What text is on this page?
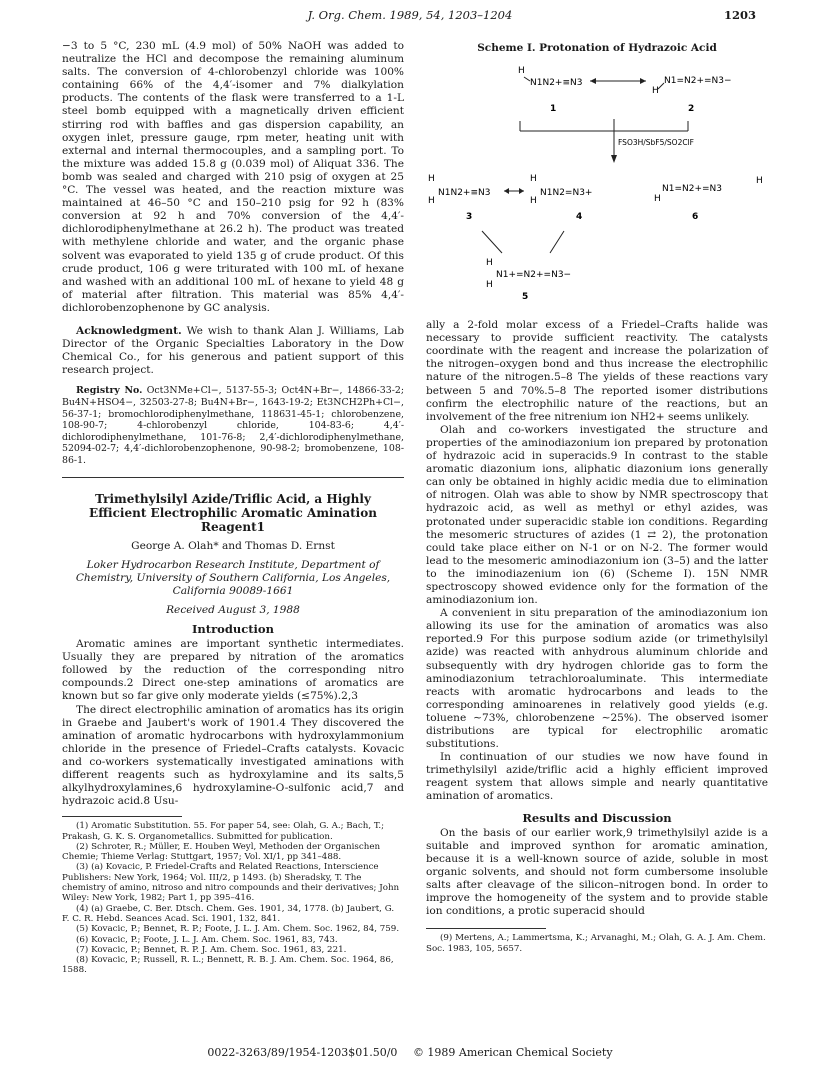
J. Org. Chem. 1989, 54, 1203–1204	1203

−3 to 5 °C, 230 mL (4.9 mol) of 50% NaOH was added to neutralize the HCl and decompose the remaining aluminum salts. The conversion of 4-chlorobenzyl chloride was 100% containing 66% of the 4,4′-isomer and 7% dialkylation products. The contents of the flask were transferred to a 1-L steel bomb equipped with a magnetically driven efficient stirring rod with baffles and gas dispersion capability, an oxygen inlet, pressure gauge, rpm meter, heating unit with external and internal thermocouples, and a sampling port. To the mixture was added 15.8 g (0.039 mol) of Aliquat 336. The bomb was sealed and charged with 210 psig of oxygen at 25 °C. The vessel was heated, and the reaction mixture was maintained at 46–50 °C and 150–210 psig for 92 h (83% conversion at 92 h and 70% conversion of the 4,4′-dichlorodiphenylmethane at 26.2 h). The product was treated with methylene chloride and water, and the organic phase solvent was evaporated to yield 135 g of crude product. Of this crude product, 106 g were triturated with 100 mL of hexane and washed with an additional 100 mL of hexane to yield 48 g of material after filtration. This material was 85% 4,4′-dichlorobenzophenone by GC analysis.

Acknowledgment. We wish to thank Alan J. Williams, Lab Director of the Organic Specialties Laboratory in the Dow Chemical Co., for his generous and patient support of this research project.

Registry No. Oct3NMe+Cl−, 5137-55-3; Oct4N+Br−, 14866-33-2; Bu4N+HSO4−, 32503-27-8; Bu4N+Br−, 1643-19-2; Et3NCH2Ph+Cl−, 56-37-1; bromochlorodiphenylmethane, 118631-45-1; chlorobenzene, 108-90-7; 4-chlorobenzyl chloride, 104-83-6; 4,4′-dichlorodiphenylmethane, 101-76-8; 2,4′-dichlorodiphenylmethane, 52094-02-7; 4,4′-dichlorobenzophenone, 90-98-2; bromobenzene, 108-86-1.

Trimethylsilyl Azide/Triflic Acid, a Highly Efficient Electrophilic Aromatic Amination Reagent1
George A. Olah* and Thomas D. Ernst
Loker Hydrocarbon Research Institute, Department of Chemistry, University of Southern California, Los Angeles, California 90089-1661
Received August 3, 1988
Introduction

Aromatic amines are important synthetic intermediates. Usually they are prepared by nitration of the aromatics followed by the reduction of the corresponding nitro compounds.2 Direct one-step aminations of aromatics are known but so far give only moderate yields (≤75%).2,3

The direct electrophilic amination of aromatics has its origin in Graebe and Jaubert's work of 1901.4 They discovered the amination of aromatic hydrocarbons with hydroxylammonium chloride in the presence of Friedel–Crafts catalysts. Kovacic and co-workers systematically investigated aminations with different reagents such as hydroxylamine and its salts,5 alkylhydroxylamines,6 hydroxylamine-O-sulfonic acid,7 and hydrazoic acid.8 Usu-

(1) Aromatic Substitution. 55. For paper 54, see: Olah, G. A.; Bach, T.; Prakash, G. K. S. Organometallics. Submitted for publication.

(2) Schroter, R.; Müller, E. Houben Weyl, Methoden der Organischen Chemie; Thieme Verlag: Stuttgart, 1957; Vol. XI/1, pp 341–488.

(3) (a) Kovacic, P. Friedel-Crafts and Related Reactions, Interscience Publishers: New York, 1964; Vol. III/2, p 1493. (b) Sheradsky, T. The chemistry of amino, nitroso and nitro compounds and their derivatives; John Wiley: New York, 1982; Part 1, pp 395–416.

(4) (a) Graebe, C. Ber. Dtsch. Chem. Ges. 1901, 34, 1778. (b) Jaubert, G. F. C. R. Hebd. Seances Acad. Sci. 1901, 132, 841.

(5) Kovacic, P.; Bennet, R. P.; Foote, J. L. J. Am. Chem. Soc. 1962, 84, 759.

(6) Kovacic, P.; Foote, J. L. J. Am. Chem. Soc. 1961, 83, 743.

(7) Kovacic, P.; Bennet, R. P. J. Am. Chem. Soc. 1961, 83, 221.

(8) Kovacic, P.; Russell, R. L.; Bennett, R. B. J. Am. Chem. Soc. 1964, 86, 1588.

Scheme I. Protonation of Hydrazoic Acid
H
N1N2+≡N3
H
N1=N2+=N3−
1	2
FSO3H/SbF5/SO2ClF
H
H
N1N2+≡N3
H
H
N1N2=N3+
H
N1=N2+=N3
H
3	4	6
H
H
N1+=N2+=N3−
5

ally a 2-fold molar excess of a Friedel–Crafts halide was necessary to provide sufficient reactivity. The catalysts coordinate with the reagent and increase the polarization of the nitrogen–oxygen bond and thus increase the electrophilic nature of the nitrogen.5–8 The yields of these reactions vary between 5 and 70%.5–8 The reported isomer distributions confirm the electrophilic nature of the reactions, but an involvement of the free nitrenium ion NH2+ seems unlikely.

Olah and co-workers investigated the structure and properties of the aminodiazonium ion prepared by protonation of hydrazoic acid in superacids.9 In contrast to the stable aromatic diazonium ions, aliphatic diazonium ions generally can only be obtained in highly acidic media due to elimination of nitrogen. Olah was able to show by NMR spectroscopy that hydrazoic acid, as well as methyl or ethyl azides, was protonated under superacidic stable ion conditions. Regarding the mesomeric structures of azides (1 ⇄ 2), the protonation could take place either on N-1 or on N-2. The former would lead to the mesomeric aminodiazonium ion (3–5) and the latter to the iminodiazenium ion (6) (Scheme I). 15N NMR spectroscopy showed evidence only for the formation of the aminodiazonium ion.

A convenient in situ preparation of the aminodiazonium ion allowing its use for the amination of aromatics was also reported.9 For this purpose sodium azide (or trimethylsilyl azide) was reacted with anhydrous aluminum chloride and subsequently with dry hydrogen chloride gas to form the aminodiazonium tetrachloroaluminate. This intermediate reacts with aromatic hydrocarbons and leads to the corresponding aminoarenes in relatively good yields (e.g. toluene ∼73%, chlorobenzene ∼25%). The observed isomer distributions are typical for electrophilic aromatic substitutions.

In continuation of our studies we now have found in trimethylsilyl azide/triflic acid a highly efficient improved reagent system that allows simple and nearly quantitative amination of aromatics.

Results and Discussion

On the basis of our earlier work,9 trimethylsilyl azide is a suitable and improved synthon for aromatic amination, because it is a well-known source of azide, soluble in most organic solvents, and should not form cumbersome insoluble salts after cleavage of the silicon–nitrogen bond. In order to improve the homogeneity of the system and to provide stable ion conditions, a protic superacid should

(9) Mertens, A.; Lammertsma, K.; Arvanaghi, M.; Olah, G. A. J. Am. Chem. Soc. 1983, 105, 5657.

0022-3263/89/1954-1203$01.50/0 © 1989 American Chemical Society
